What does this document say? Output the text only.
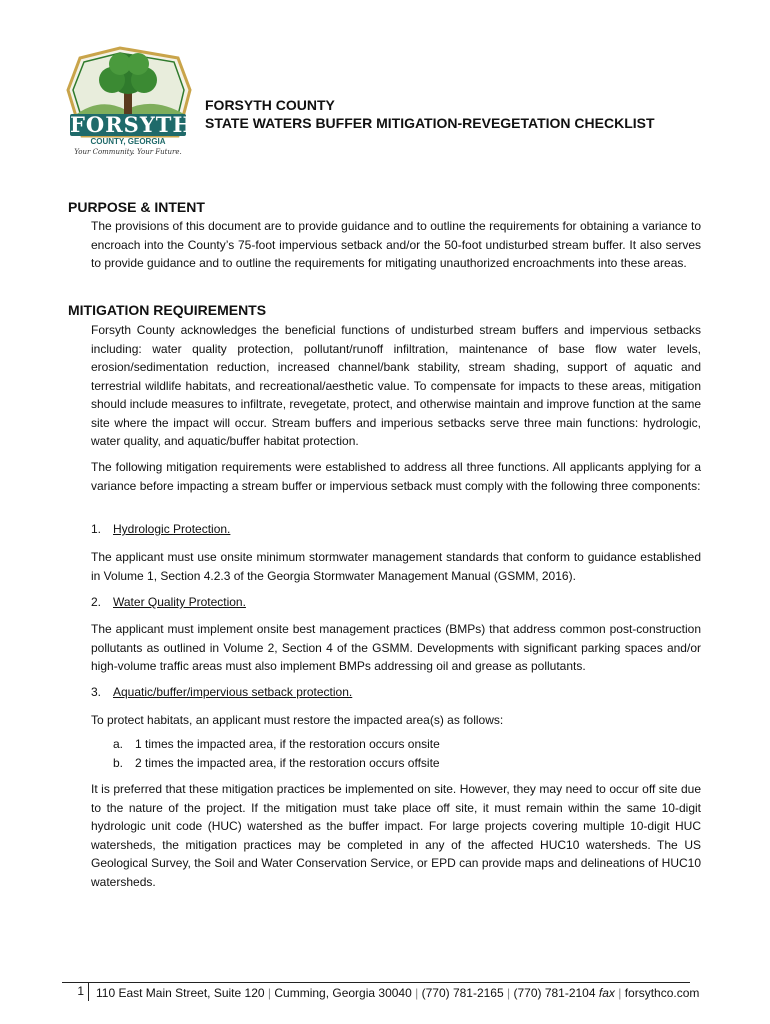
FORSYTH
COUNTY, GEORGIA
Your Community. Your Future.
FORSYTH COUNTY
STATE WATERS BUFFER MITIGATION-REVEGETATION CHECKLIST
PURPOSE & INTENT
The provisions of this document are to provide guidance and to outline the requirements for obtaining a variance to encroach into the County’s 75-foot impervious setback and/or the 50-foot undisturbed stream buffer. It also serves to provide guidance and to outline the requirements for mitigating unauthorized encroachments into these areas.
MITIGATION REQUIREMENTS
Forsyth County acknowledges the beneficial functions of undisturbed stream buffers and impervious setbacks including: water quality protection, pollutant/runoff infiltration, maintenance of base flow water levels, erosion/sedimentation reduction, increased channel/bank stability, stream shading, support of aquatic and terrestrial wildlife habitats, and recreational/aesthetic value. To compensate for impacts to these areas, mitigation should include measures to infiltrate, revegetate, protect, and otherwise maintain and improve function at the same site where the impact will occur. Stream buffers and imperious setbacks serve three main functions: hydrologic, water quality, and aquatic/buffer habitat protection.
The following mitigation requirements were established to address all three functions. All applicants applying for a variance before impacting a stream buffer or impervious setback must comply with the following three components:
1. Hydrologic Protection.
The applicant must use onsite minimum stormwater management standards that conform to guidance established in Volume 1, Section 4.2.3 of the Georgia Stormwater Management Manual (GSMM, 2016).
2. Water Quality Protection.
The applicant must implement onsite best management practices (BMPs) that address common post-construction pollutants as outlined in Volume 2, Section 4 of the GSMM. Developments with significant parking spaces and/or high-volume traffic areas must also implement BMPs addressing oil and grease as pollutants.
3. Aquatic/buffer/impervious setback protection.
To protect habitats, an applicant must restore the impacted area(s) as follows:
a. 1 times the impacted area, if the restoration occurs onsite
b. 2 times the impacted area, if the restoration occurs offsite
It is preferred that these mitigation practices be implemented on site. However, they may need to occur off site due to the nature of the project. If the mitigation must take place off site, it must remain within the same 10-digit hydrologic unit code (HUC) watershed as the buffer impact. For large projects covering multiple 10-digit HUC watersheds, the mitigation practices may be completed in any of the affected HUC10 watersheds. The US Geological Survey, the Soil and Water Conservation Service, or EPD can provide maps and delineations of HUC10 watersheds.
1 110 East Main Street, Suite 120 | Cumming, Georgia 30040 | (770) 781-2165 | (770) 781-2104 fax | forsythco.com
